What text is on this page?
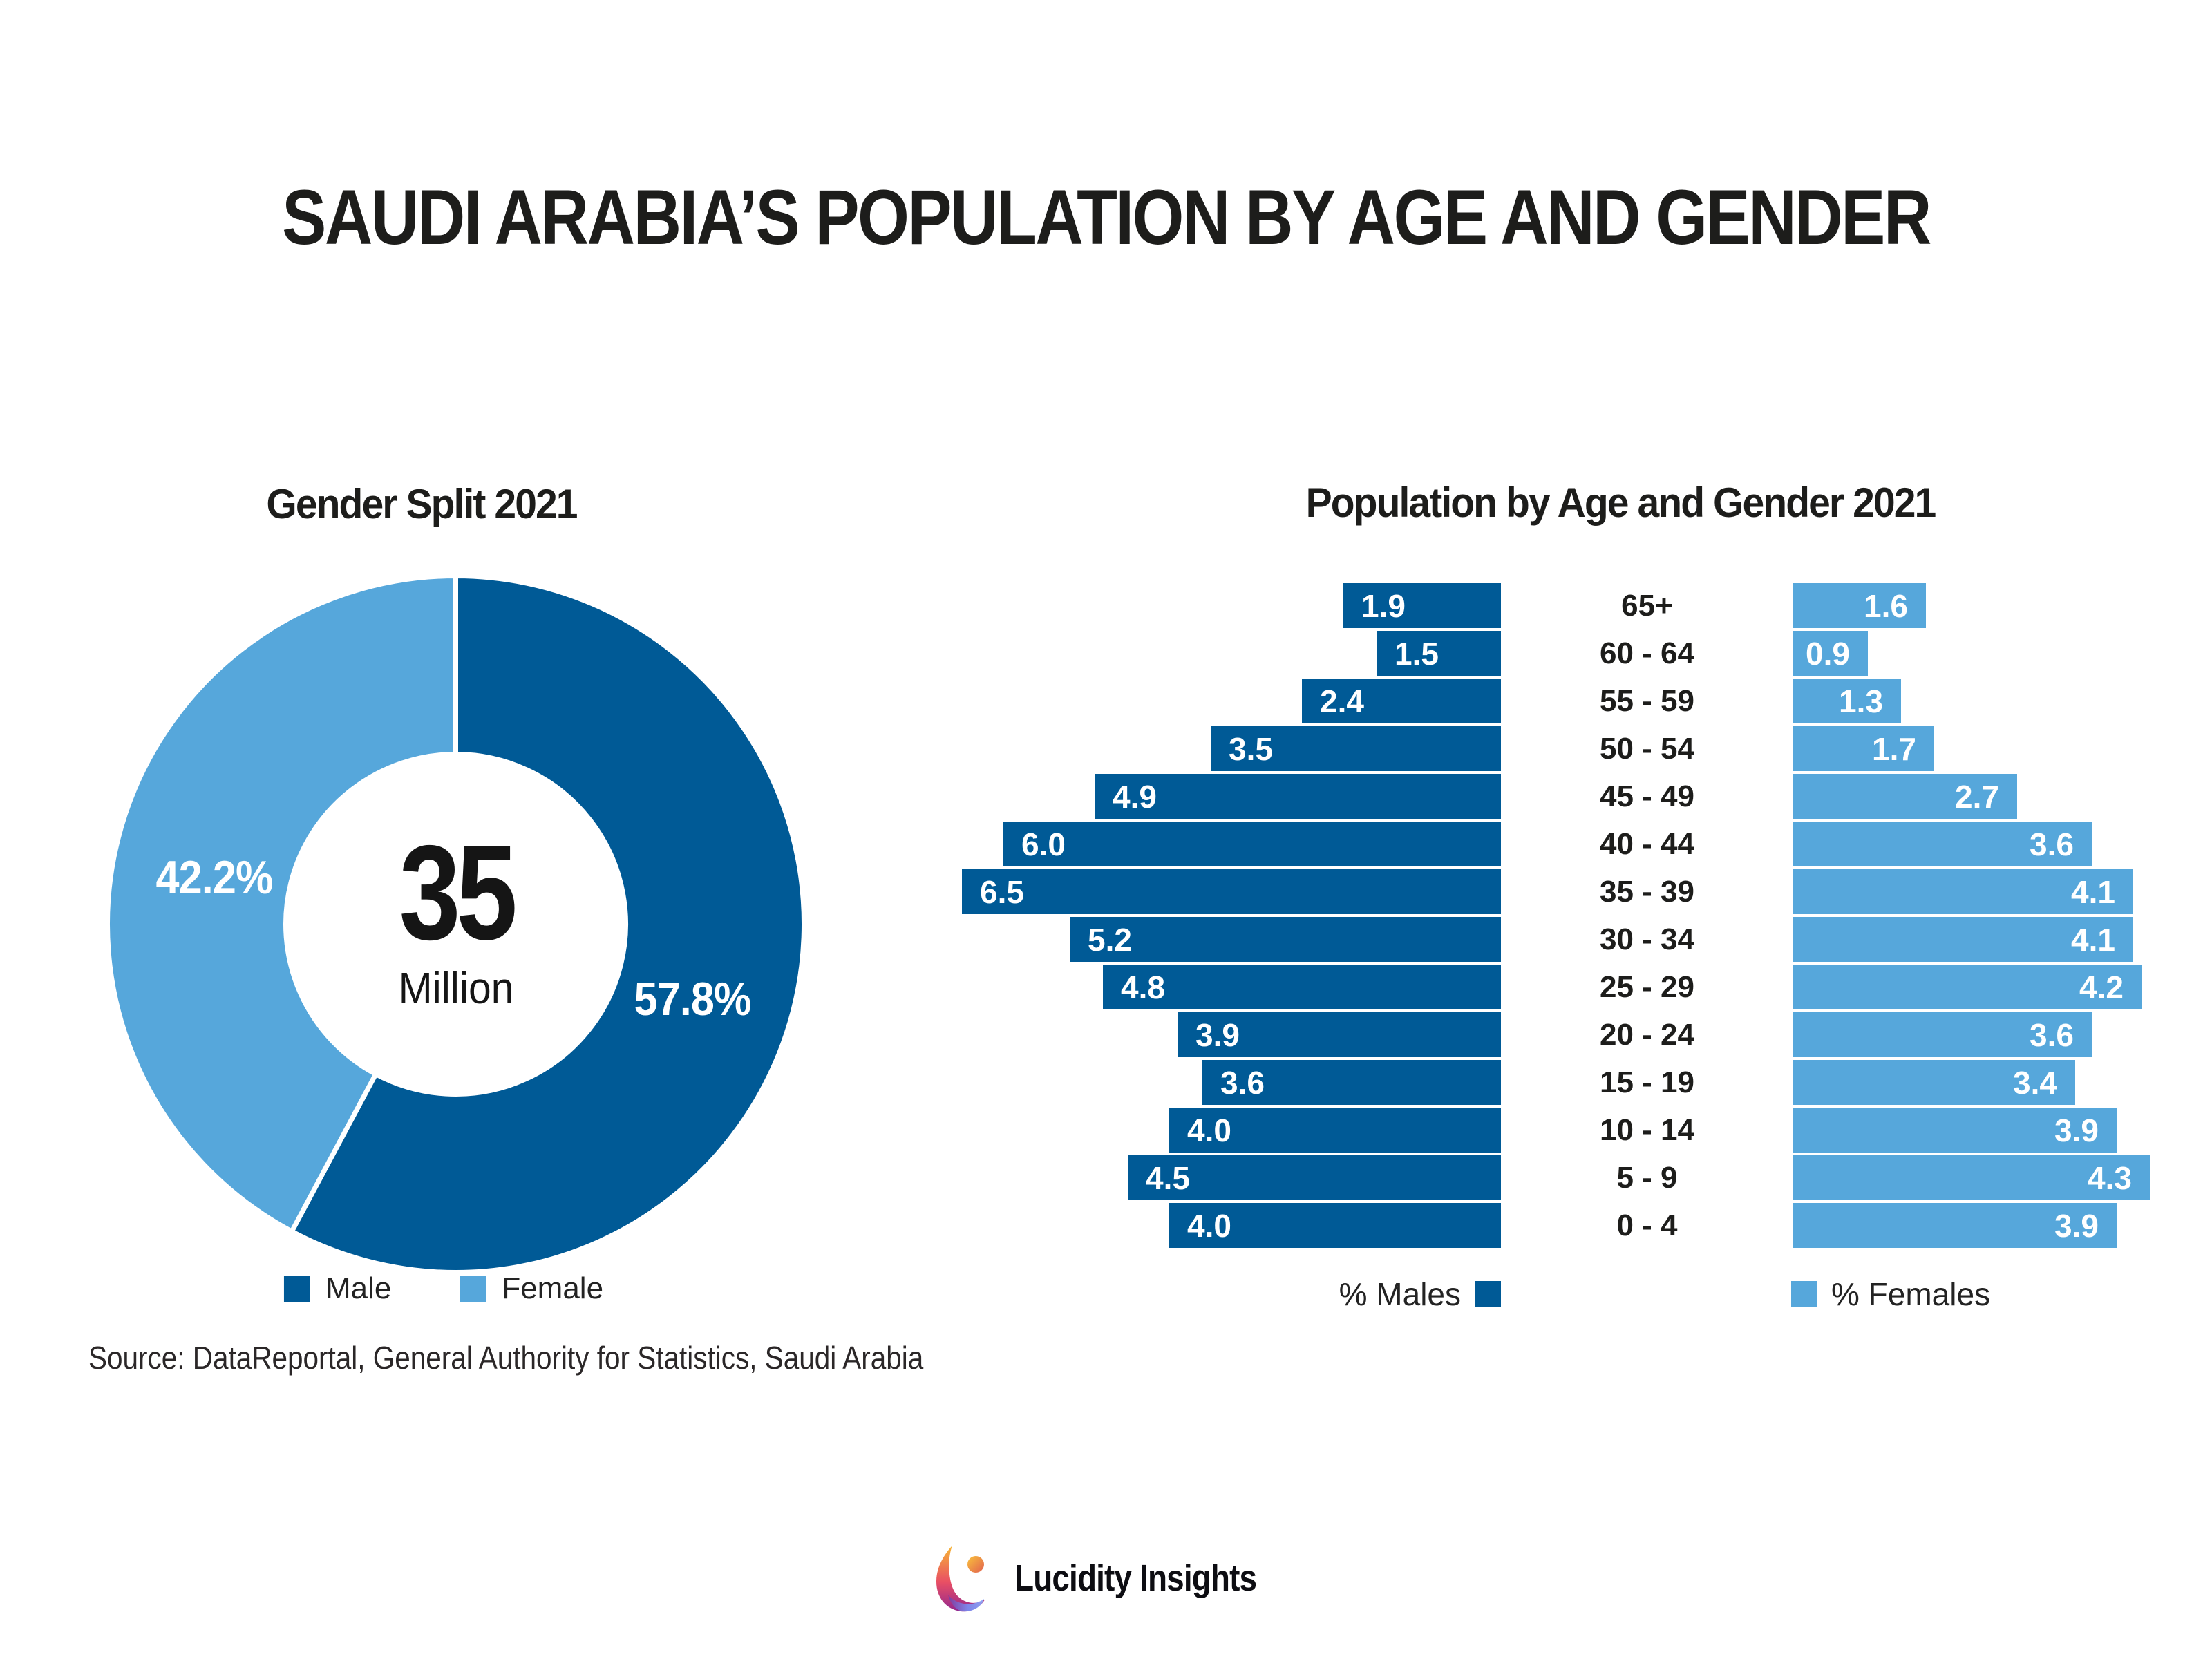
SAUDI ARABIA’S POPULATION BY AGE AND GENDER
Gender Split 2021
42.2%
57.8%
35
Million
Male	Female
Population by Age and Gender 2021
1.9	65+	1.6
1.5	60 - 64	0.9
2.4	55 - 59	1.3
3.5	50 - 54	1.7
4.9	45 - 49	2.7
6.0	40 - 44	3.6
6.5	35 - 39	4.1
5.2	30 - 34	4.1
4.8	25 - 29	4.2
3.9	20 - 24	3.6
3.6	15 - 19	3.4
4.0	10 - 14	3.9
4.5	5 - 9	4.3
4.0	0 - 4	3.9
% Males	% Females
Source: DataReportal, General Authority for Statistics, Saudi Arabia
Lucidity Insights
